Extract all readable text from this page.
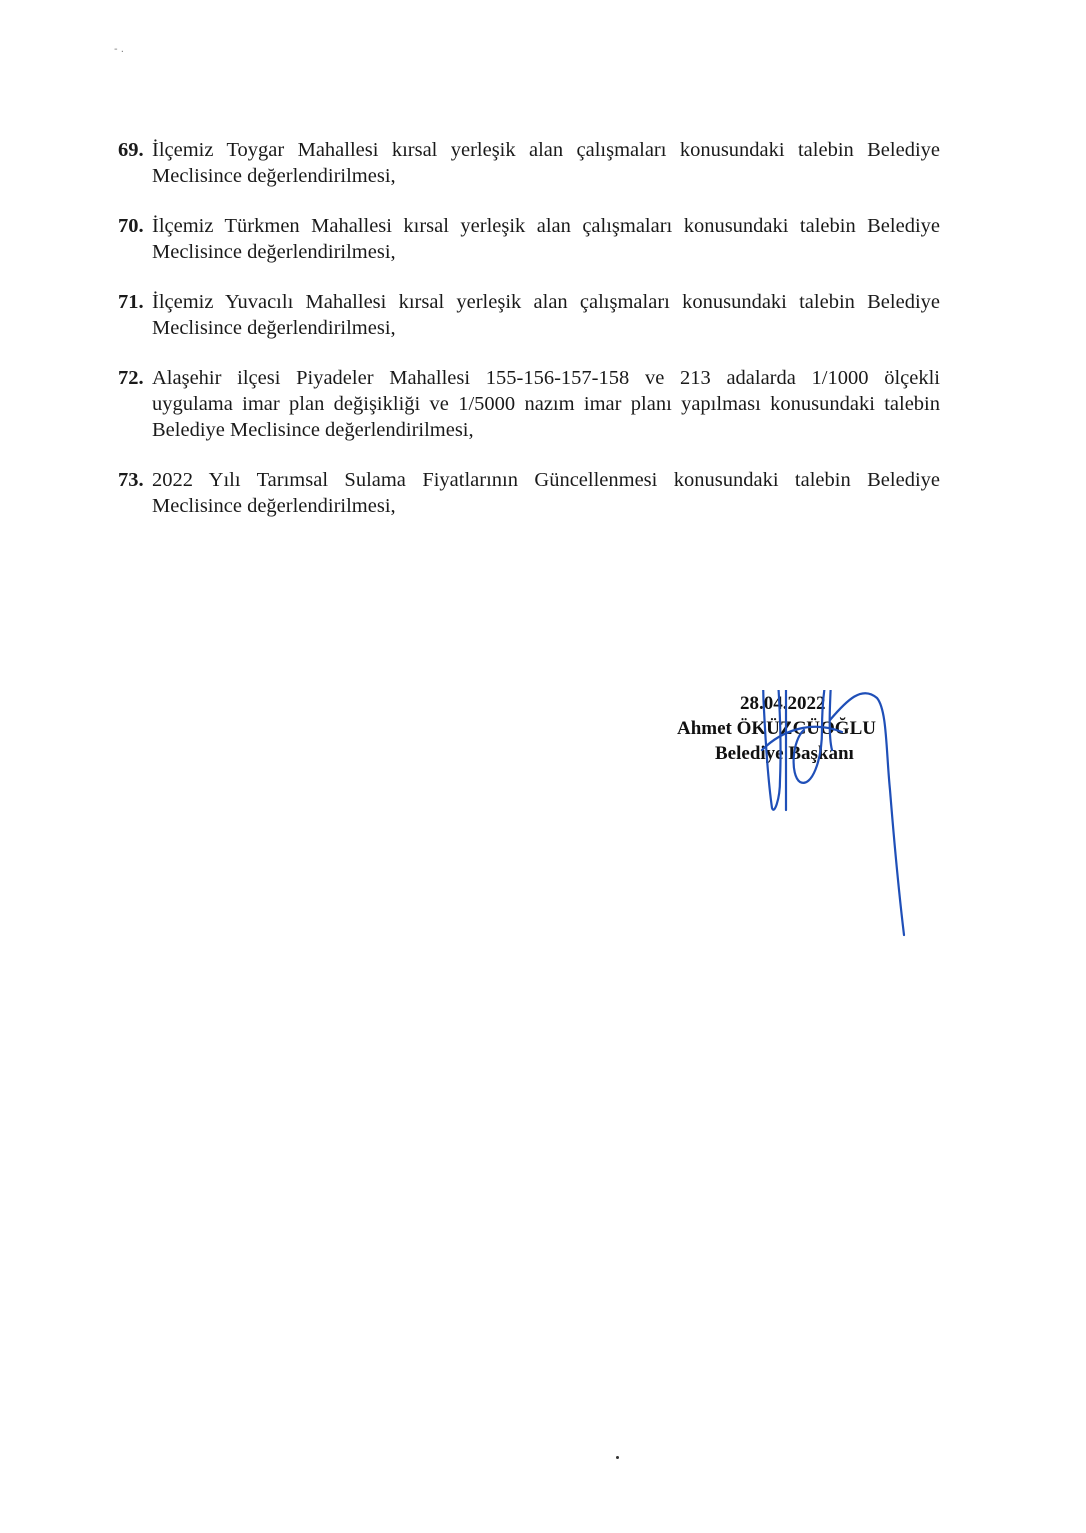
- .
69. İlçemiz Toygar Mahallesi kırsal yerleşik alan çalışmaları konusundaki talebin Belediye
Meclisince değerlendirilmesi,
70. İlçemiz Türkmen Mahallesi kırsal yerleşik alan çalışmaları konusundaki talebin Belediye
Meclisince değerlendirilmesi,
71. İlçemiz Yuvacılı Mahallesi kırsal yerleşik alan çalışmaları konusundaki talebin Belediye
Meclisince değerlendirilmesi,
72. Alaşehir ilçesi Piyadeler Mahallesi 155-156-157-158 ve 213 adalarda 1/1000 ölçekli
uygulama imar plan değişikliği ve 1/5000 nazım imar planı yapılması konusundaki talebin
Belediye Meclisince değerlendirilmesi,
73. 2022 Yılı Tarımsal Sulama Fiyatlarının Güncellenmesi konusundaki talebin Belediye
Meclisince değerlendirilmesi,
28.04.2022
Ahmet ÖKÜZCÜOĞLU
Belediye Başkanı
